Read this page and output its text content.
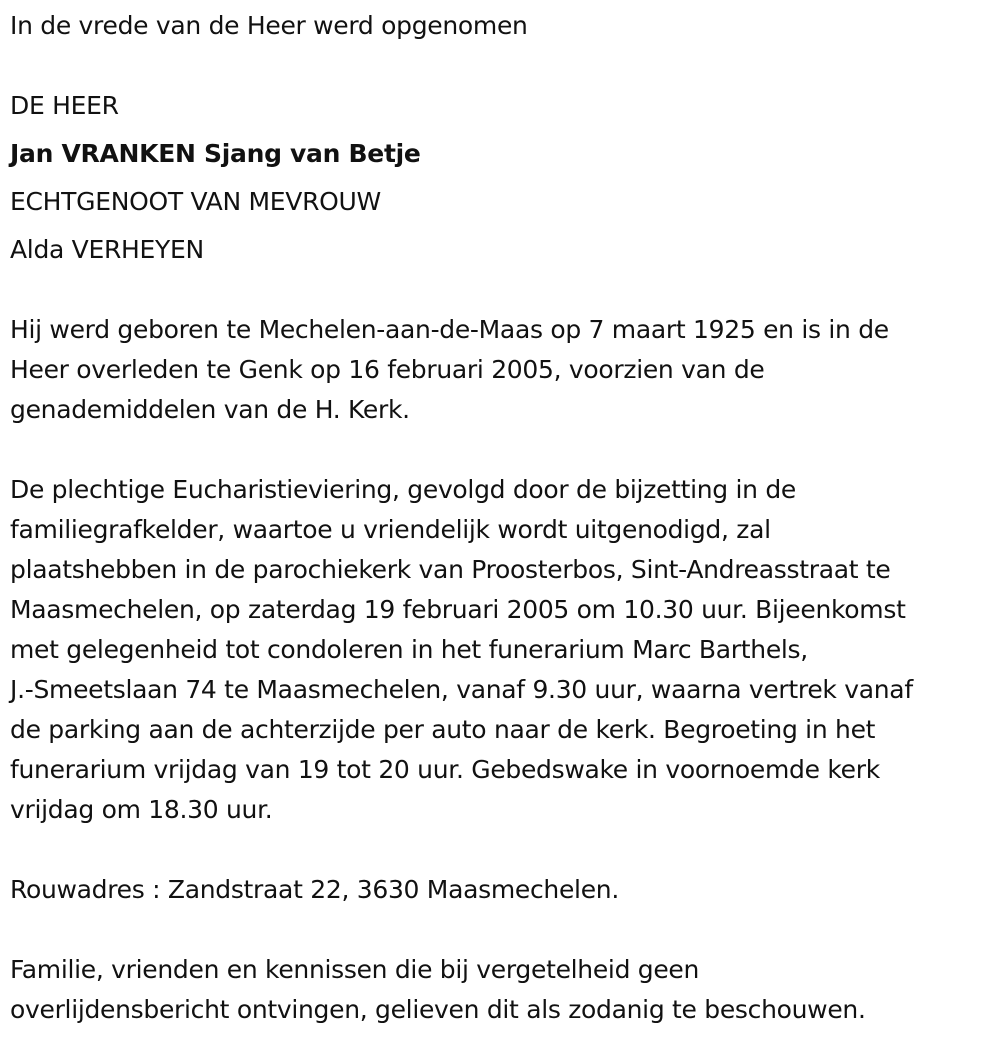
In de vrede van de Heer werd opgenomen
DE HEER
Jan VRANKEN Sjang van Betje
ECHTGENOOT VAN MEVROUW
Alda VERHEYEN
Hij werd geboren te Mechelen-aan-de-Maas op 7 maart 1925 en is in de
Heer overleden te Genk op 16 februari 2005, voorzien van de
genademiddelen van de H. Kerk.
De plechtige Eucharistieviering, gevolgd door de bijzetting in de
familiegrafkelder, waartoe u vriendelijk wordt uitgenodigd, zal
plaatshebben in de parochiekerk van Proosterbos, Sint-Andreasstraat te
Maasmechelen, op zaterdag 19 februari 2005 om 10.30 uur. Bijeenkomst
met gelegenheid tot condoleren in het funerarium Marc Barthels,
J.-Smeetslaan 74 te Maasmechelen, vanaf 9.30 uur, waarna vertrek vanaf
de parking aan de achterzijde per auto naar de kerk. Begroeting in het
funerarium vrijdag van 19 tot 20 uur. Gebedswake in voornoemde kerk
vrijdag om 18.30 uur.
Rouwadres : Zandstraat 22, 3630 Maasmechelen.
Familie, vrienden en kennissen die bij vergetelheid geen
overlijdensbericht ontvingen, gelieven dit als zodanig te beschouwen.
